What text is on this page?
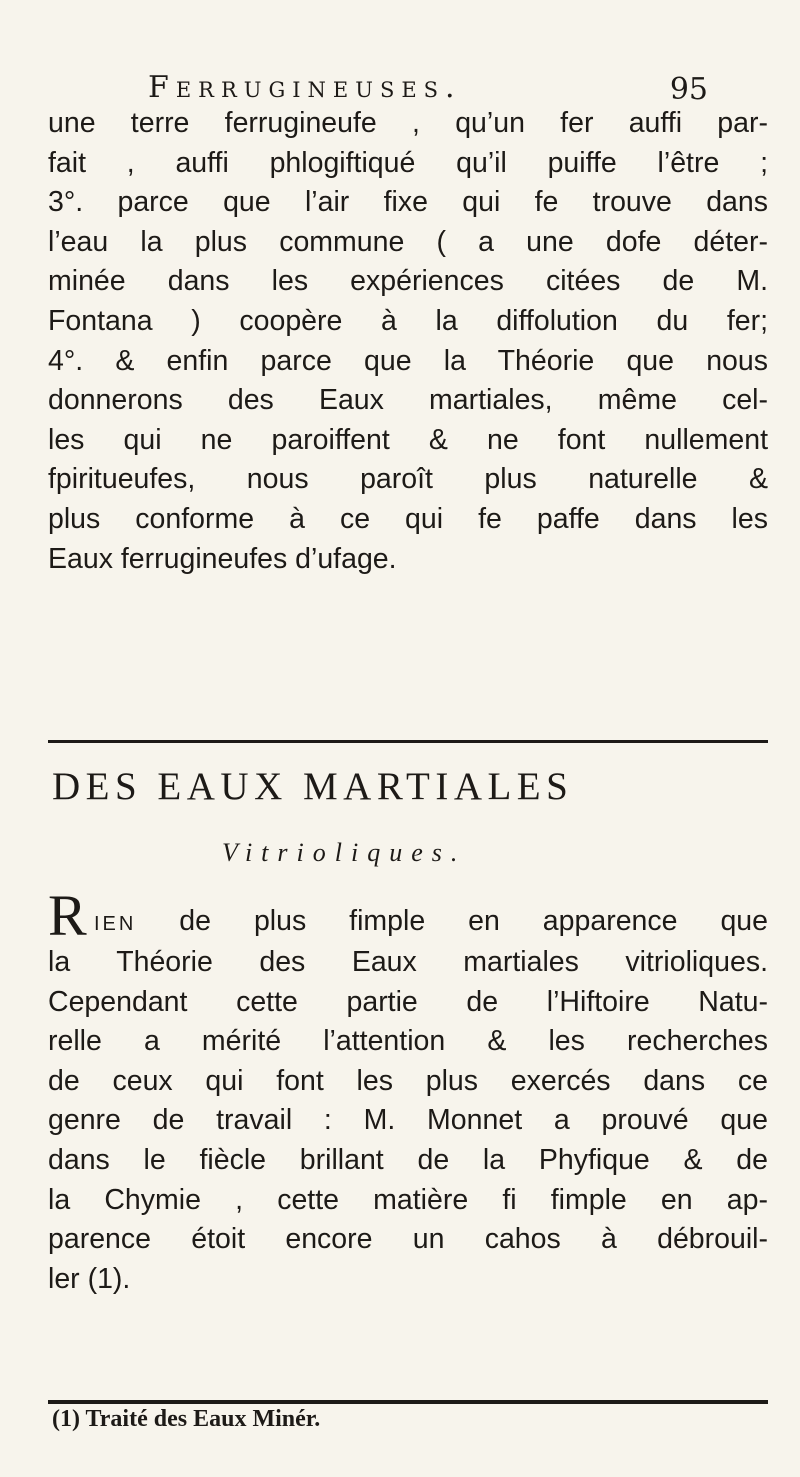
Ferrugineuses.	95
une terre ferrugineufe , qu’un fer auffi par-
fait , auffi phlogiftiqué qu’il puiffe l’être ;
3°. parce que l’air fixe qui fe trouve dans
l’eau la plus commune ( a une dofe déter-
minée dans les expériences citées de M.
Fontana ) coopère à la diffolution du fer;
4°. & enfin parce que la Théorie que nous
donnerons des Eaux martiales, même cel-
les qui ne paroiffent & ne font nullement
fpiritueufes, nous paroît plus naturelle &
plus conforme à ce qui fe paffe dans les
Eaux ferrugineufes d’ufage.
DES EAUX MARTIALES
Vitrioliques.
R ien de plus fimple en apparence que
la Théorie des Eaux martiales vitrioliques.
Cependant cette partie de l’Hiftoire Natu-
relle a mérité l’attention & les recherches
de ceux qui font les plus exercés dans ce
genre de travail : M. Monnet a prouvé que
dans le fiècle brillant de la Phyfique & de
la Chymie , cette matière fi fimple en ap-
parence étoit encore un cahos à débrouil-
ler (1).
(1) Traité des Eaux Minér.
